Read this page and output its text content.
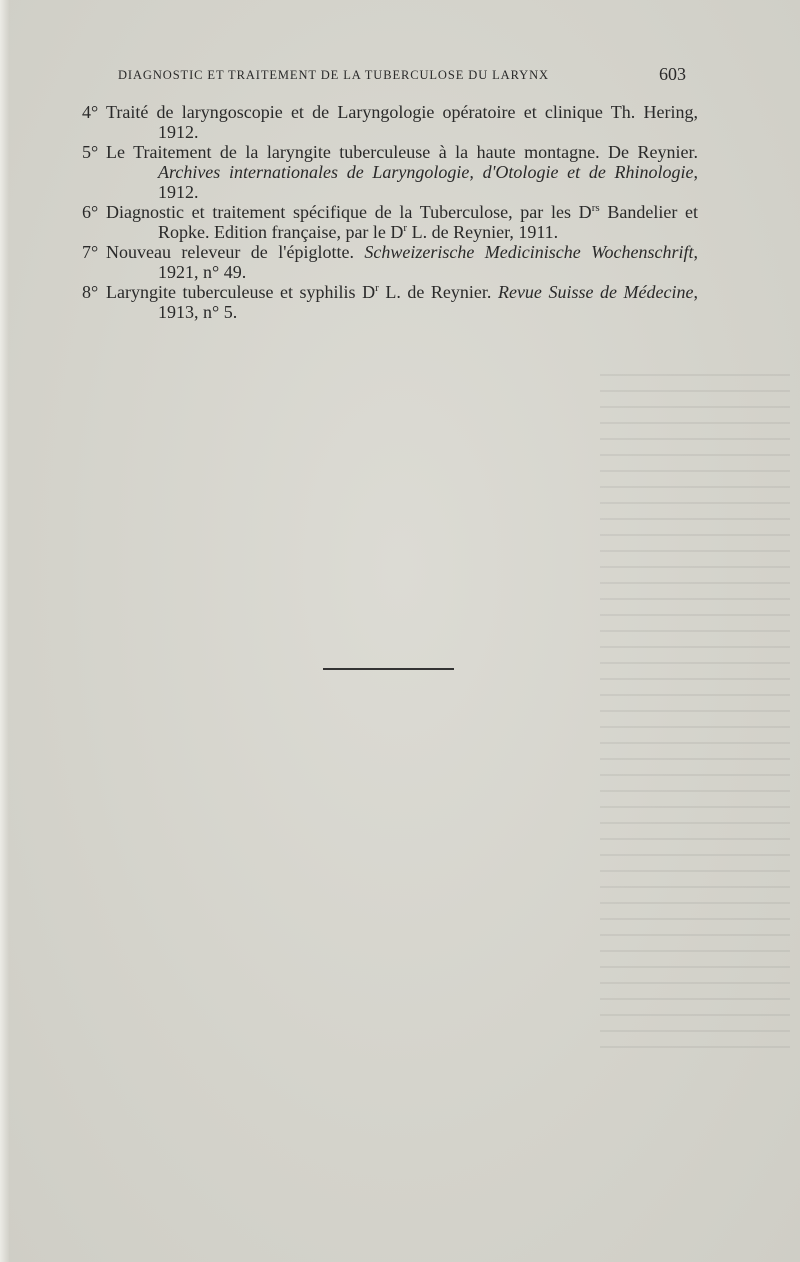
DIAGNOSTIC ET TRAITEMENT DE LA TUBERCULOSE DU LARYNX	603

4° Traité de laryngoscopie et de Laryngologie opératoire et clinique Th. Hering, 1912.

5° Le Traitement de la laryngite tuberculeuse à la haute montagne. De Reynier. Archives internationales de Laryngologie, d'Otologie et de Rhinologie, 1912.

6° Diagnostic et traitement spécifique de la Tuberculose, par les $D^{rs}$ Bandelier et Ropke. Edition française, par le $D^r$ L. de Reynier, 1911.

7° Nouveau releveur de l'épiglotte. Schweizerische Medicinische Wochenschrift, 1921, n° 49.

8° Laryngite tuberculeuse et syphilis $D^r$ L. de Reynier. Revue Suisse de Médecine, 1913, n° 5.
